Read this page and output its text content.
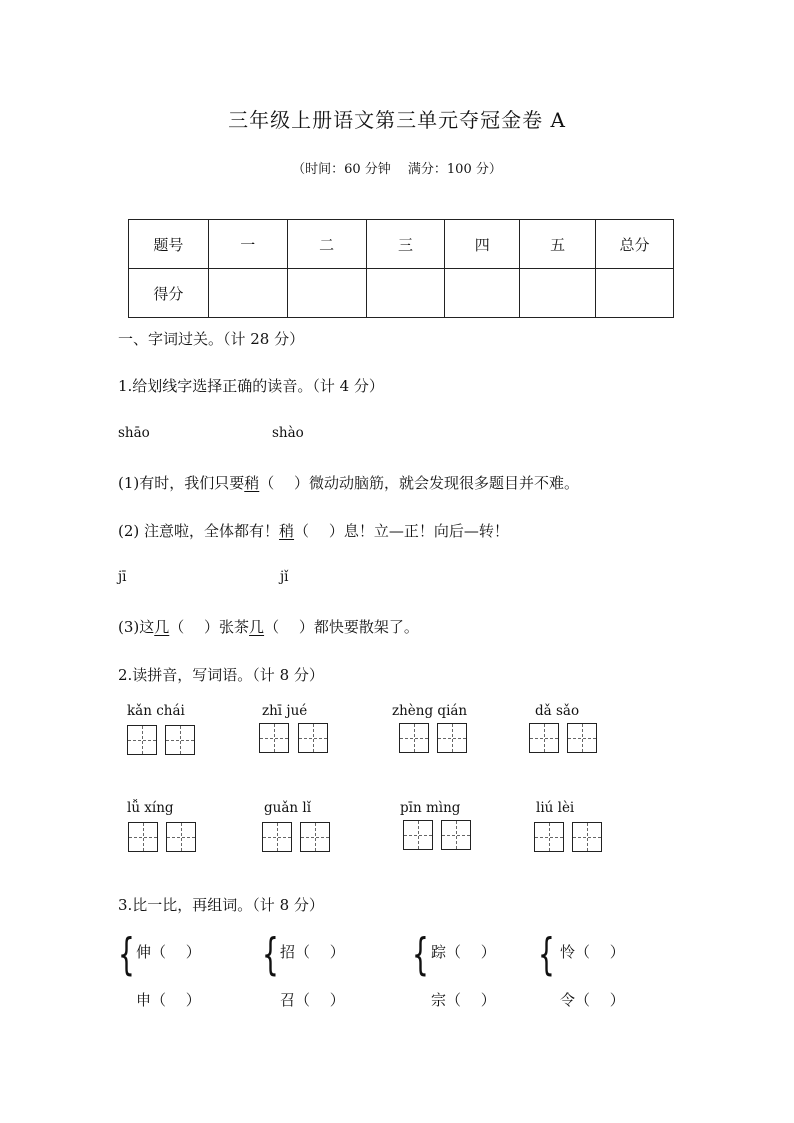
三年级上册语文第三单元夺冠金卷 A
（时间：60 分钟　 满分：100 分）
题号	一	二	三	四	五	总分
得分						
一、字词过关。（计 28 分）
1.给划线字选择正确的读音。（计 4 分）
shāo	shào
(1)有时，我们只要稍（　 ）微动动脑筋，就会发现很多题目并不难。
(2) 注意啦，全体都有！稍（　 ）息！立—正！向后—转！
jī	jǐ
(3)这几（　 ）张茶几（　 ）都快要散架了。
2.读拼音，写词语。（计 8 分）
kǎn chái	zhī jué	zhèng qián	dǎ sǎo
lǚ xíng	guǎn lǐ	pīn mìng	liú lèi
3.比一比，再组词。（计 8 分）
{ 伸（　 ）
申（　 ）
{ 招（　 ）
召（　 ）
{ 踪（　 ）
宗（　 ）
{ 怜（　 ）
令（　 ）
